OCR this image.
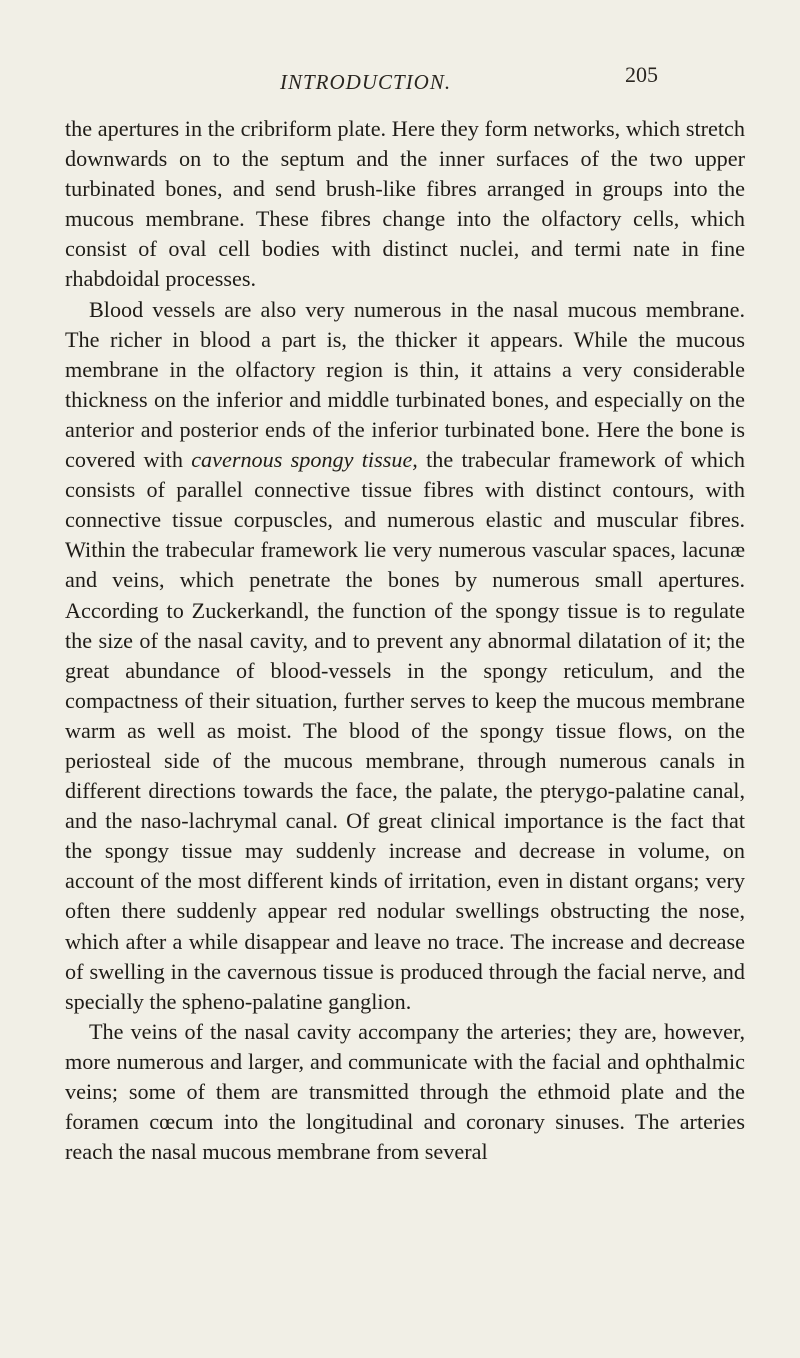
INTRODUCTION.	205

the apertures in the cribriform plate. Here they form networks, which stretch downwards on to the septum and the inner surfaces of the two upper turbinated bones, and send brush-like fibres arranged in groups into the mucous membrane. These fibres change into the olfactory cells, which consist of oval cell bodies with distinct nuclei, and termi nate in fine rhabdoidal processes.

Blood vessels are also very numerous in the nasal mucous membrane. The richer in blood a part is, the thicker it appears. While the mucous membrane in the olfactory region is thin, it attains a very considerable thickness on the inferior and middle turbinated bones, and especially on the anterior and posterior ends of the inferior turbinated bone. Here the bone is covered with cavernous spongy tissue, the trabecular framework of which consists of parallel connective tissue fibres with distinct contours, with connective tissue corpuscles, and numerous elastic and muscular fibres. Within the trabecular framework lie very numerous vascular spaces, lacunæ and veins, which penetrate the bones by numerous small apertures. According to Zuckerkandl, the function of the spongy tissue is to regulate the size of the nasal cavity, and to prevent any abnormal dilatation of it; the great abundance of blood-vessels in the spongy reticulum, and the compactness of their situation, further serves to keep the mucous membrane warm as well as moist. The blood of the spongy tissue flows, on the periosteal side of the mucous membrane, through numerous canals in different directions towards the face, the palate, the pterygo-palatine canal, and the naso-lachrymal canal. Of great clinical importance is the fact that the spongy tissue may suddenly increase and decrease in volume, on account of the most different kinds of irritation, even in distant organs; very often there suddenly appear red nodular swellings obstructing the nose, which after a while disappear and leave no trace. The increase and decrease of swelling in the cavernous tissue is produced through the facial nerve, and specially the spheno-palatine ganglion.

The veins of the nasal cavity accompany the arteries; they are, however, more numerous and larger, and communicate with the facial and ophthalmic veins; some of them are transmitted through the ethmoid plate and the foramen cœcum into the longitudinal and coronary sinuses. The arteries reach the nasal mucous membrane from several
